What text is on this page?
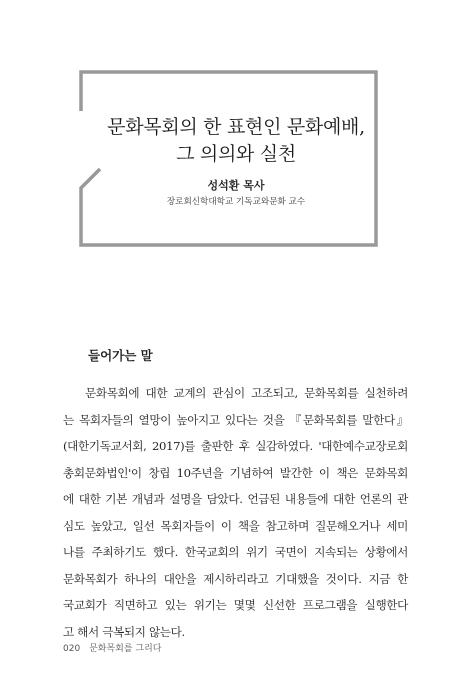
문화목회의 한 표현인 문화예배,
그 의의와 실천
성석환 목사
장로회신학대학교 기독교와문화 교수
들어가는 말
문화목회에 대한 교계의 관심이 고조되고, 문화목회를 실천하려
는 목회자들의 열망이 높아지고 있다는 것을 『문화목회를 말한다』
(대한기독교서회, 2017)를 출판한 후 실감하였다. '대한예수교장로회
총회문화법인'이 창립 10주년을 기념하여 발간한 이 책은 문화목회
에 대한 기본 개념과 설명을 담았다. 언급된 내용들에 대한 언론의 관
심도 높았고, 일선 목회자들이 이 책을 참고하며 질문해오거나 세미
나를 주최하기도 했다. 한국교회의 위기 국면이 지속되는 상황에서
문화목회가 하나의 대안을 제시하리라고 기대했을 것이다. 지금 한
국교회가 직면하고 있는 위기는 몇몇 신선한 프로그램을 실행한다
고 해서 극복되지 않는다.
020 문화목회를 그리다
